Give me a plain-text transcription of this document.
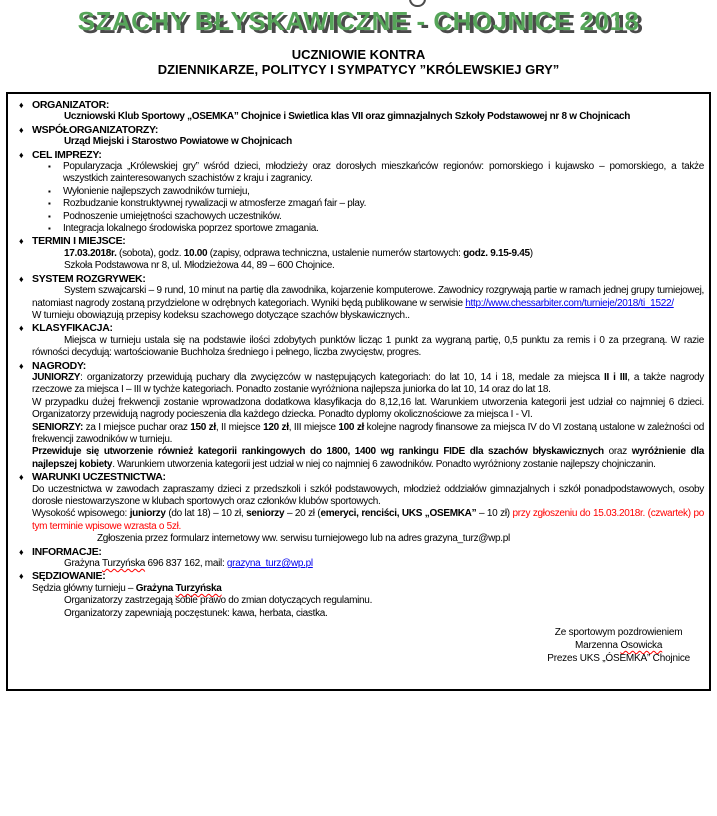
SZACHY BŁYSKAWICZNE - CHOJNICE 2018
UCZNIOWIE KONTRA
DZIENNIKARZE, POLITYCY I SYMPATYCY ”KRÓLEWSKIEJ GRY”
♦ ORGANIZATOR:

Uczniowski Klub Sportowy „OSEMKA” Chojnice i Swietlica klas VII oraz gimnazjalnych Szkoły Podstawowej nr 8 w Chojnicach

♦ WSPÓŁORGANIZATORZY:

Urząd Miejski i Starostwo Powiatowe w Chojnicach

♦ CEL IMPREZY:
▪	Popularyzacja „Królewskiej gry” wśród dzieci, młodzieży oraz dorosłych mieszkańców regionów: pomorskiego i kujawsko – pomorskiego, a także wszystkich zainteresowanych szachistów z kraju i zagranicy.

▪	Wyłonienie najlepszych zawodników turnieju,

▪	Rozbudzanie konstruktywnej rywalizacji w atmosferze zmagań fair – play.

▪	Podnoszenie umiejętności szachowych uczestników.

▪	Integracja lokalnego środowiska poprzez sportowe zmagania.

♦ TERMIN I MIEJSCE:

17.03.2018r. (sobota), godz. 10.00 (zapisy, odprawa techniczna, ustalenie numerów startowych: godz. 9.15-9.45)

Szkoła Podstawowa nr 8, ul. Młodzieżowa 44, 89 – 600 Chojnice.

♦ SYSTEM ROZGRYWEK:

System szwajcarski – 9 rund, 10 minut na partię dla zawodnika, kojarzenie komputerowe. Zawodnicy rozgrywają partie w ramach jednej grupy turniejowej, natomiast nagrody zostaną przydzielone w odrębnych kategoriach. Wyniki będą publikowane w serwisie http://www.chessarbiter.com/turnieje/2018/ti_1522/

W turnieju obowiązują przepisy kodeksu szachowego dotyczące szachów błyskawicznych..

♦ KLASYFIKACJA:

Miejsca w turnieju ustala się na podstawie ilości zdobytych punktów licząc 1 punkt za wygraną partię, 0,5 punktu za remis i 0 za przegraną. W razie równości decydują: wartościowanie Buchholza średniego i pełnego, liczba zwycięstw, progres.

♦ NAGRODY:

JUNIORZY: organizatorzy przewidują puchary dla zwycięzców w następujących kategoriach: do lat 10, 14 i 18, medale za miejsca II i III, a także nagrody rzeczowe za miejsca I – III w tychże kategoriach. Ponadto zostanie wyróżniona najlepsza juniorka do lat 10, 14 oraz do lat 18.

W przypadku dużej frekwencji zostanie wprowadzona dodatkowa klasyfikacja do 8,12,16 lat. Warunkiem utworzenia kategorii jest udział co najmniej 6 dzieci. Organizatorzy przewidują nagrody pocieszenia dla każdego dziecka. Ponadto dyplomy okolicznościowe za miejsca I - VI.

SENIORZY: za I miejsce puchar oraz 150 zł, II miejsce 120 zł, III miejsce 100 zł kolejne nagrody finansowe za miejsca IV do VI zostaną ustalone w zależności od frekwencji zawodników w turnieju.

Przewiduje się utworzenie również kategorii rankingowych do 1800, 1400 wg rankingu FIDE dla szachów błyskawicznych oraz wyróżnienie dla najlepszej kobiety. Warunkiem utworzenia kategorii jest udział w niej co najmniej 6 zawodników. Ponadto wyróżniony zostanie najlepszy chojniczanin.

♦ WARUNKI UCZESTNICTWA:

Do uczestnictwa w zawodach zapraszamy dzieci z przedszkoli i szkół podstawowych, młodzież oddziałów gimnazjalnych i szkół ponadpodstawowych, osoby dorosłe niestowarzyszone w klubach sportowych oraz członków klubów sportowych.

Wysokość wpisowego: juniorzy (do lat 18) – 10 zł, seniorzy – 20 zł (emeryci, renciści, UKS „OSEMKA” – 10 zł) przy zgłoszeniu do 15.03.2018r. (czwartek) po tym terminie wpisowe wzrasta o 5zł.

Zgłoszenia przez formularz internetowy ww. serwisu turniejowego lub na adres grazyna_turz@wp.pl

♦ INFORMACJE:

Grażyna Turzyńska 696 837 162, mail: grazyna_turz@wp.pl

♦ SĘDZIOWANIE:

Sędzia główny turnieju – Grażyna Turzyńska

Organizatorzy zastrzegają sobie prawo do zmian dotyczących regulaminu.

Organizatorzy zapewniają poczęstunek: kawa, herbata, ciastka.

Ze sportowym pozdrowieniem
Marzenna Osowicka
Prezes UKS „ÓSEMKA” Chojnice
